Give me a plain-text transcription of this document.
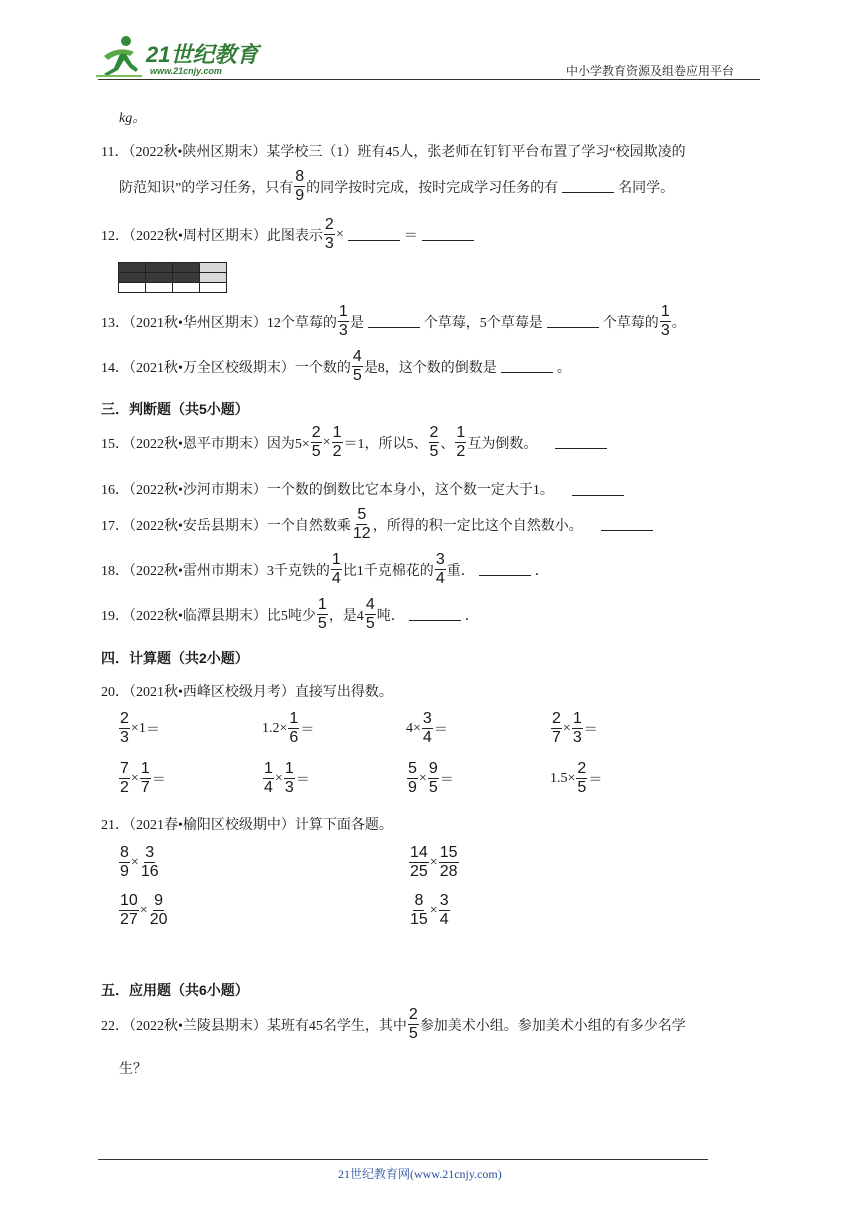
21世纪教育
www.21cnjy.com	中小学教育资源及组卷应用平台
kg。
11．（2022秋•陕州区期末）某学校三（1）班有45人，张老师在钉钉平台布置了学习“校园欺凌的
防范知识”的学习任务，只有 $\frac{8}{9}$ 的同学按时完成，按时完成学习任务的有	名同学。
12．（2022秋•周村区期末）此图表示 $\frac{2}{3}$ ×	＝
13．（2021秋•华州区期末）12个草莓的 $\frac{1}{3}$ 是	个草莓，5个草莓是	个草莓的 $\frac{1}{3}$ 。
14．（2021秋•万全区校级期末）一个数的 $\frac{4}{5}$ 是8，这个数的倒数是	。
三．判断题（共5小题）
15．（2022秋•恩平市期末）因为$5\times \frac{2}{5} \times \frac{1}{2} =1$，所以5、 $\frac{2}{5}$ 、 $\frac{1}{2}$ 互为倒数。
16．（2022秋•沙河市期末）一个数的倒数比它本身小，这个数一定大于1。
17．（2022秋•安岳县期末）一个自然数乘 $\frac{5}{12}$ ，所得的积一定比这个自然数小。
18．（2022秋•雷州市期末）3千克铁的 $\frac{1}{4}$ 比1千克棉花的 $\frac{3}{4}$ 重．	．
19．（2022秋•临潭县期末）比5吨少 $\frac{1}{5}$ ，是$4 \frac{4}{5}$ 吨．	．
四．计算题（共2小题）
20．（2021秋•西峰区校级月考）直接写出得数。
$\frac{2}{3} \times 1$ ＝	$1.2 \times \frac{1}{6}$ ＝	$4 \times \frac{3}{4}$ ＝	$\frac{2}{7} \times \frac{1}{3}$ ＝
$\frac{7}{2} \times \frac{1}{7}$ ＝	$\frac{1}{4} \times \frac{1}{3}$ ＝	$\frac{5}{9} \times \frac{9}{5}$ ＝	$1.5 \times \frac{2}{5}$ ＝
21．（2021春•榆阳区校级期中）计算下面各题。
$\frac{8}{9} \times \frac{3}{16}$	$\frac{14}{25} \times \frac{15}{28}$
$\frac{10}{27} \times \frac{9}{20}$	$\frac{8}{15} \times \frac{3}{4}$
五．应用题（共6小题）
22．（2022秋•兰陵县期末）某班有45名学生，其中 $\frac{2}{5}$ 参加美术小组。参加美术小组的有多少名学
生？
21世纪教育网(www.21cnjy.com)
